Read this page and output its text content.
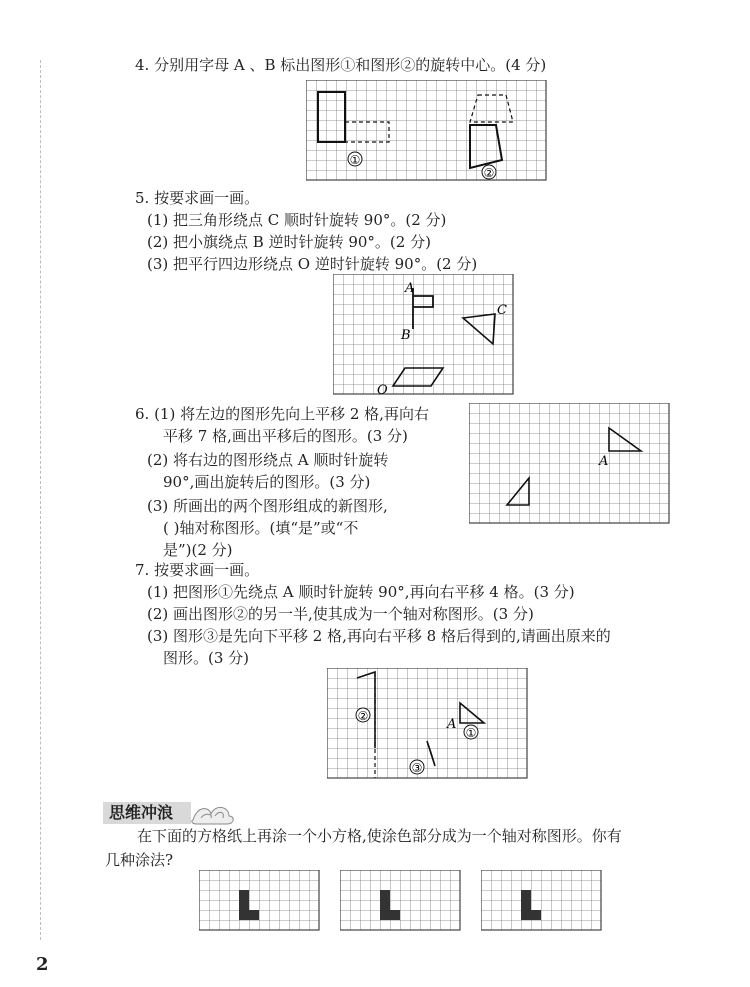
4. 分别用字母 A 、B 标出图形①和图形②的旋转中心。(4 分)
①
②
5. 按要求画一画。
(1) 把三角形绕点 C 顺时针旋转 90°。(2 分)
(2) 把小旗绕点 B 逆时针旋转 90°。(2 分)
(3) 把平行四边形绕点 O 逆时针旋转 90°。(2 分)
A
B
C
O
6. (1) 将左边的图形先向上平移 2 格,再向右
平移 7 格,画出平移后的图形。(3 分)
(2) 将右边的图形绕点 A 顺时针旋转
90°,画出旋转后的图形。(3 分)
(3) 所画出的两个图形组成的新图形,
( )轴对称图形。(填“是”或“不
是”)(2 分)
A
7. 按要求画一画。
(1) 把图形①先绕点 A 顺时针旋转 90°,再向右平移 4 格。(3 分)
(2) 画出图形②的另一半,使其成为一个轴对称图形。(3 分)
(3) 图形③是先向下平移 2 格,再向右平移 8 格后得到的,请画出原来的
图形。(3 分)
②
A
①
③
思维冲浪
在下面的方格纸上再涂一个小方格,使涂色部分成为一个轴对称图形。你有
几种涂法?
2
